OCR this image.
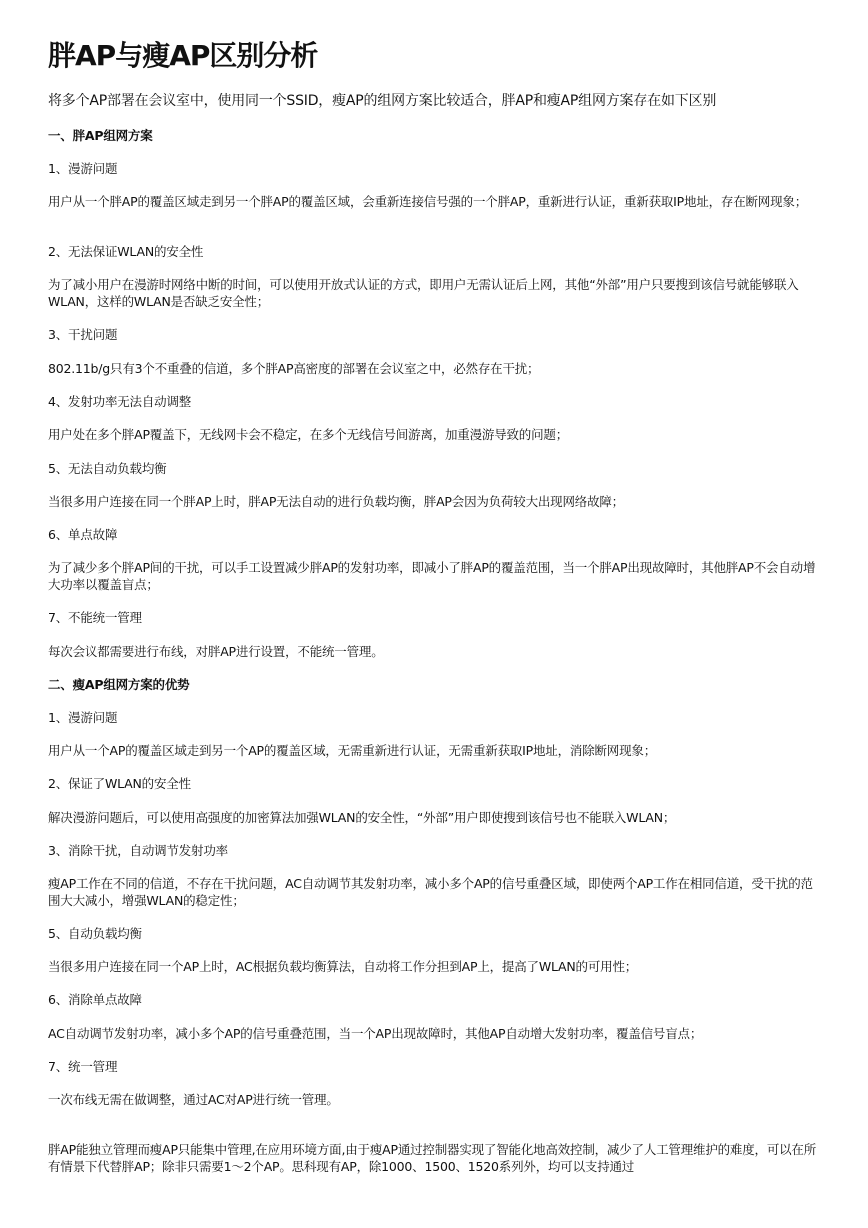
胖AP与瘦AP区别分析

将多个AP部署在会议室中，使用同一个SSID，瘦AP的组网方案比较适合，胖AP和瘦AP组网方案存在如下区别

一、胖AP组网方案

1、漫游问题

用户从一个胖AP的覆盖区域走到另一个胖AP的覆盖区域，会重新连接信号强的一个胖AP，重新进行认证，重新获取IP地址，存在断网现象；

2、无法保证WLAN的安全性

为了减小用户在漫游时网络中断的时间，可以使用开放式认证的方式，即用户无需认证后上网，其他“外部”用户只要搜到该信号就能够联入WLAN，这样的WLAN是否缺乏安全性；

3、干扰问题

802.11b/g只有3个不重叠的信道，多个胖AP高密度的部署在会议室之中，必然存在干扰；

4、发射功率无法自动调整

用户处在多个胖AP覆盖下，无线网卡会不稳定，在多个无线信号间游离，加重漫游导致的问题；

5、无法自动负载均衡

当很多用户连接在同一个胖AP上时，胖AP无法自动的进行负载均衡，胖AP会因为负荷较大出现网络故障；

6、单点故障

为了减少多个胖AP间的干扰，可以手工设置减少胖AP的发射功率，即减小了胖AP的覆盖范围，当一个胖AP出现故障时，其他胖AP不会自动增大功率以覆盖盲点；

7、不能统一管理

每次会议都需要进行布线，对胖AP进行设置，不能统一管理。

二、瘦AP组网方案的优势

1、漫游问题

用户从一个AP的覆盖区域走到另一个AP的覆盖区域，无需重新进行认证，无需重新获取IP地址，消除断网现象；

2、保证了WLAN的安全性

解决漫游问题后，可以使用高强度的加密算法加强WLAN的安全性，“外部”用户即使搜到该信号也不能联入WLAN；

3、消除干扰，自动调节发射功率

瘦AP工作在不同的信道，不存在干扰问题，AC自动调节其发射功率，减小多个AP的信号重叠区域，即使两个AP工作在相同信道，受干扰的范围大大减小，增强WLAN的稳定性；

5、自动负载均衡

当很多用户连接在同一个AP上时，AC根据负载均衡算法，自动将工作分担到AP上，提高了WLAN的可用性；

6、消除单点故障

AC自动调节发射功率，减小多个AP的信号重叠范围，当一个AP出现故障时，其他AP自动增大发射功率，覆盖信号盲点；

7、统一管理

一次布线无需在做调整，通过AC对AP进行统一管理。

胖AP能独立管理而瘦AP只能集中管理,在应用环境方面,由于瘦AP通过控制器实现了智能化地高效控制，减少了人工管理维护的难度，可以在所有情景下代替胖AP；除非只需要1～2个AP。思科现有AP，除1000、1500、1520系列外，均可以支持通过
